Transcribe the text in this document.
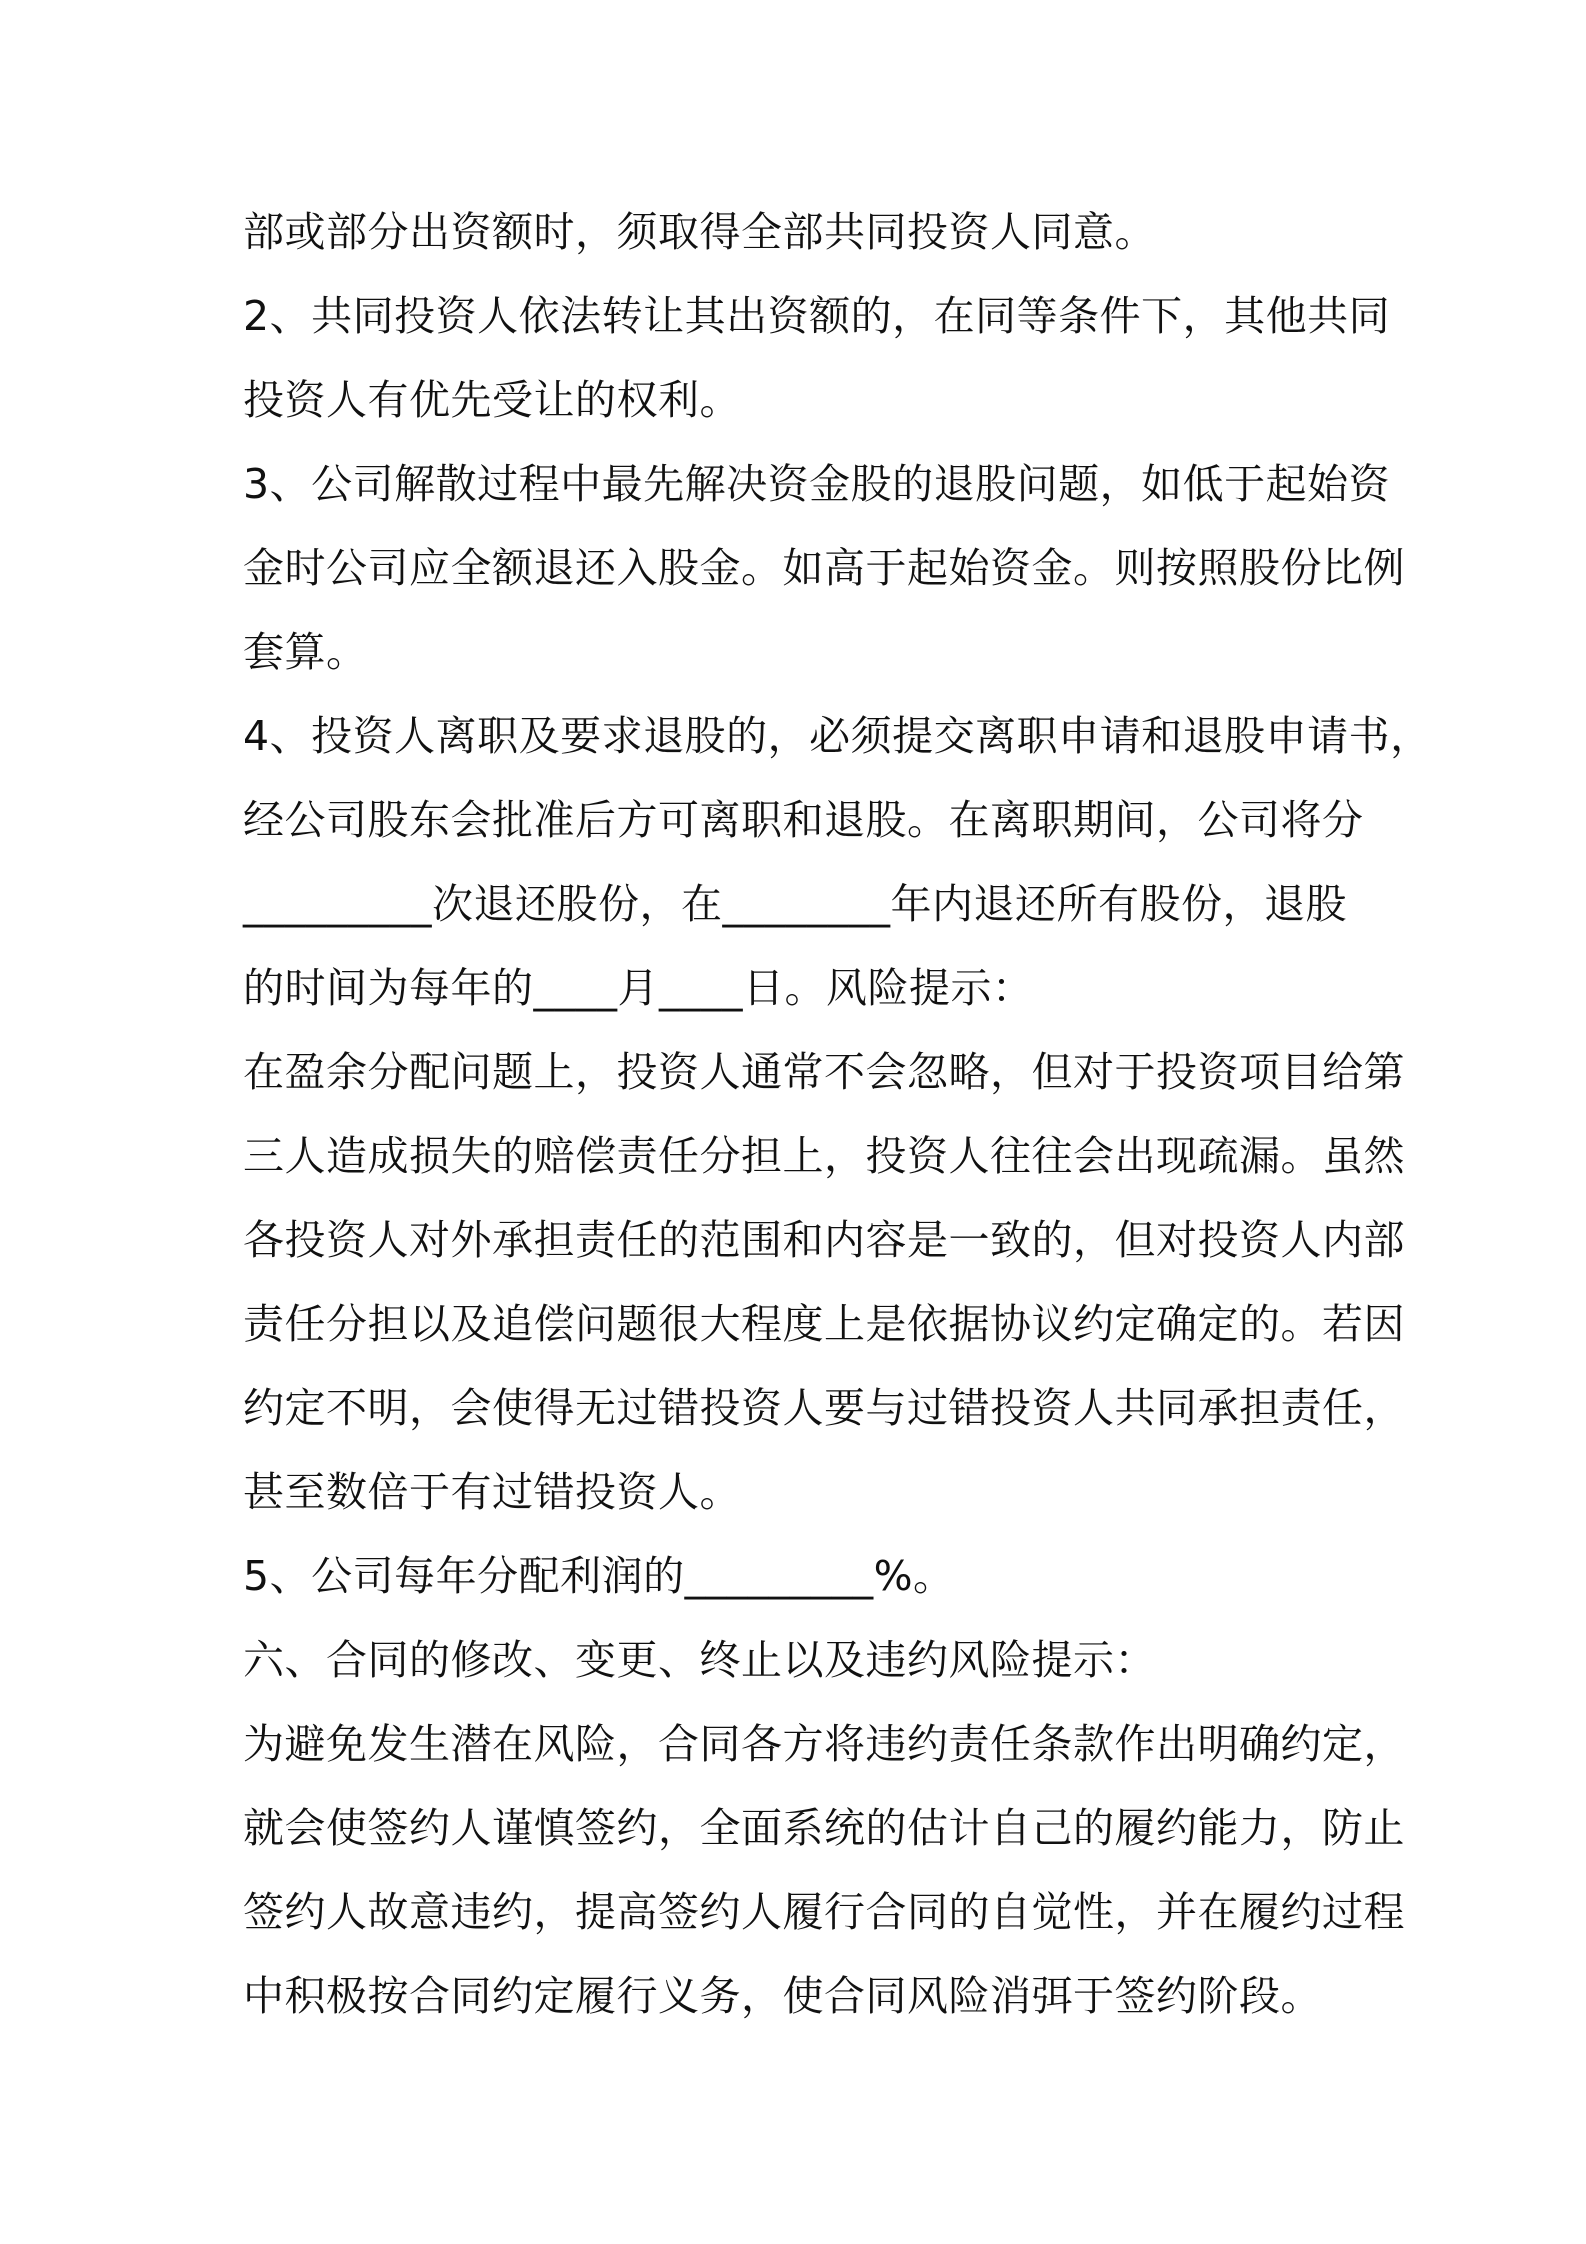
部或部分出资额时，须取得全部共同投资人同意。
2、共同投资人依法转让其出资额的，在同等条件下，其他共同
投资人有优先受让的权利。
3、公司解散过程中最先解决资金股的退股问题，如低于起始资
金时公司应全额退还入股金。如高于起始资金。则按照股份比例
套算。
4、投资人离职及要求退股的，必须提交离职申请和退股申请书，
经公司股东会批准后方可离职和退股。在离职期间，公司将分
_________次退还股份，在________年内退还所有股份，退股
的时间为每年的____月____日。风险提示：
在盈余分配问题上，投资人通常不会忽略，但对于投资项目给第
三人造成损失的赔偿责任分担上，投资人往往会出现疏漏。虽然
各投资人对外承担责任的范围和内容是一致的，但对投资人内部
责任分担以及追偿问题很大程度上是依据协议约定确定的。若因
约定不明，会使得无过错投资人要与过错投资人共同承担责任，
甚至数倍于有过错投资人。
5、公司每年分配利润的_________%。
六、合同的修改、变更、终止以及违约风险提示：
为避免发生潜在风险，合同各方将违约责任条款作出明确约定，
就会使签约人谨慎签约，全面系统的估计自己的履约能力，防止
签约人故意违约，提高签约人履行合同的自觉性，并在履约过程
中积极按合同约定履行义务，使合同风险消弭于签约阶段。
